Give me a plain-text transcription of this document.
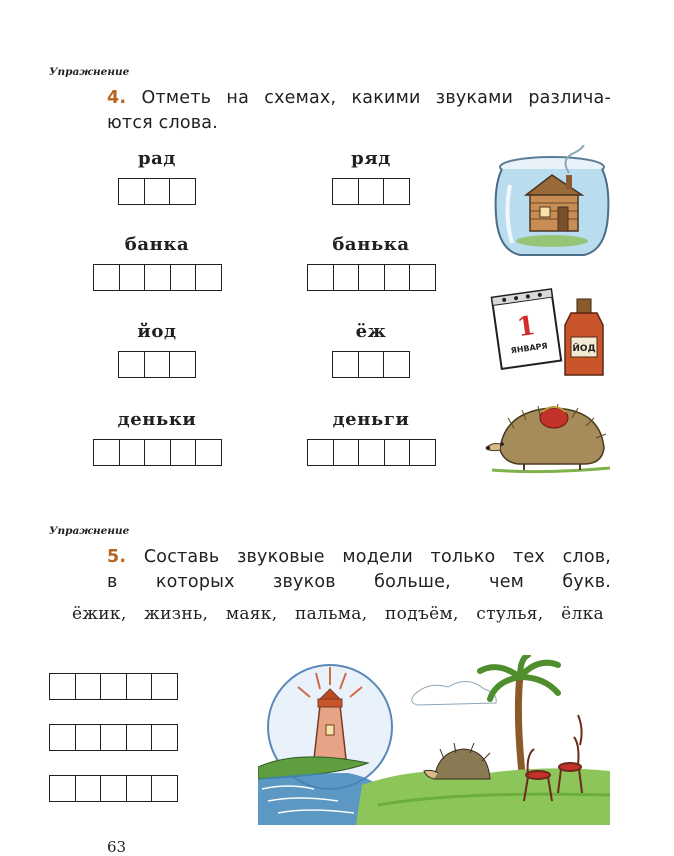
Упражнение
4. Отметь на схемах, какими звуками различа-
ются слова.
рад	ряд
банка	банька
йод	ёж
деньки	деньги
1
ЯНВАРЯ	ЙОД
Упражнение
5. Составь звуковые модели только тех слов,
в которых звуков больше, чем букв.
ёжик, жизнь, маяк, пальма, подъём, стулья, ёлка
63
